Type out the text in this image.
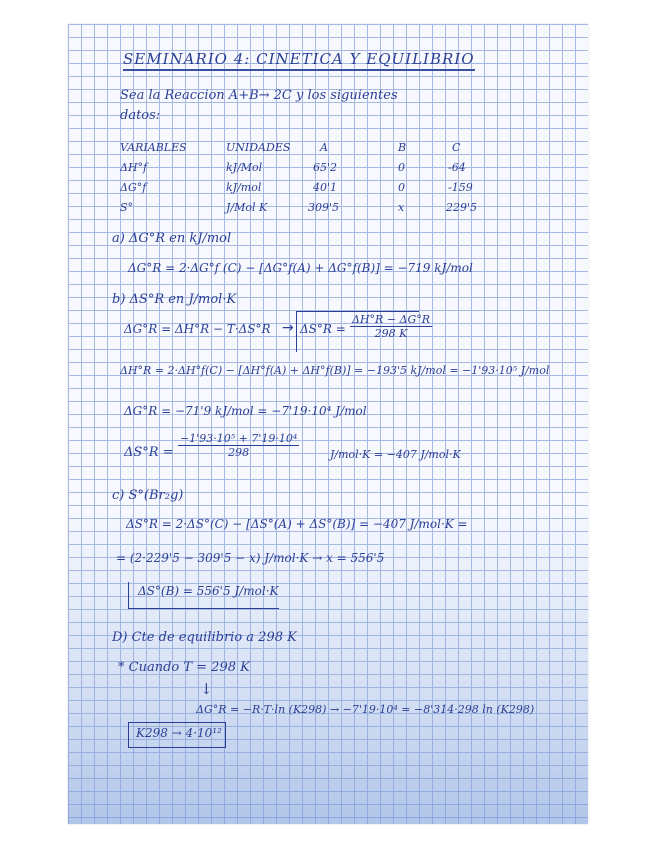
SEMINARIO 4: CINETICA Y EQUILIBRIO
Sea la Reaccion A+B→ 2C y los siguientes
datos:
VARIABLES	UNIDADES	A	B	C
ΔH°f	kJ/Mol	65'2	0	-64
ΔG°f	kJ/mol	40'1	0	-159
S°	J/Mol K	309'5	x	229'5
a) ΔG°R en kJ/mol
ΔG°R = 2·ΔG°f (C) − [ΔG°f(A) + ΔG°f(B)] = −719 kJ/mol
b) ΔS°R en J/mol·K
$\Delta G^\circ R = \Delta H^\circ R - T\cdot\Delta S^\circ R \to \Delta S^\circ R = \frac{\Delta H^\circ R - \Delta G^\circ R}{298 K}$
ΔH°R = 2·ΔH°f(C) − [ΔH°f(A) + ΔH°f(B)] = −193'5 kJ/mol = −1'93·10⁵ J/mol
ΔG°R = −71'9 kJ/mol = −7'19·10⁴ J/mol
$\Delta S^\circ R = \frac{\text{−1'93·10⁵ + 7'19·10⁴}}{298}$	J/mol·K = −407 J/mol·K
c) S°(Br₂g)
ΔS°R = 2·ΔS°(C) − [ΔS°(A) + ΔS°(B)] = −407 J/mol·K =
= (2·229'5 − 309'5 − x) J/mol·K → x = 556'5
ΔS°(B) = 556'5 J/mol·K
D) Cte de equilibrio a 298 K
* Cuando T = 298 K
↓
ΔG°R = −R·T·ln (K298) → −7'19·10⁴ = −8'314·298 ln (K298)
K298 → 4·10¹²
